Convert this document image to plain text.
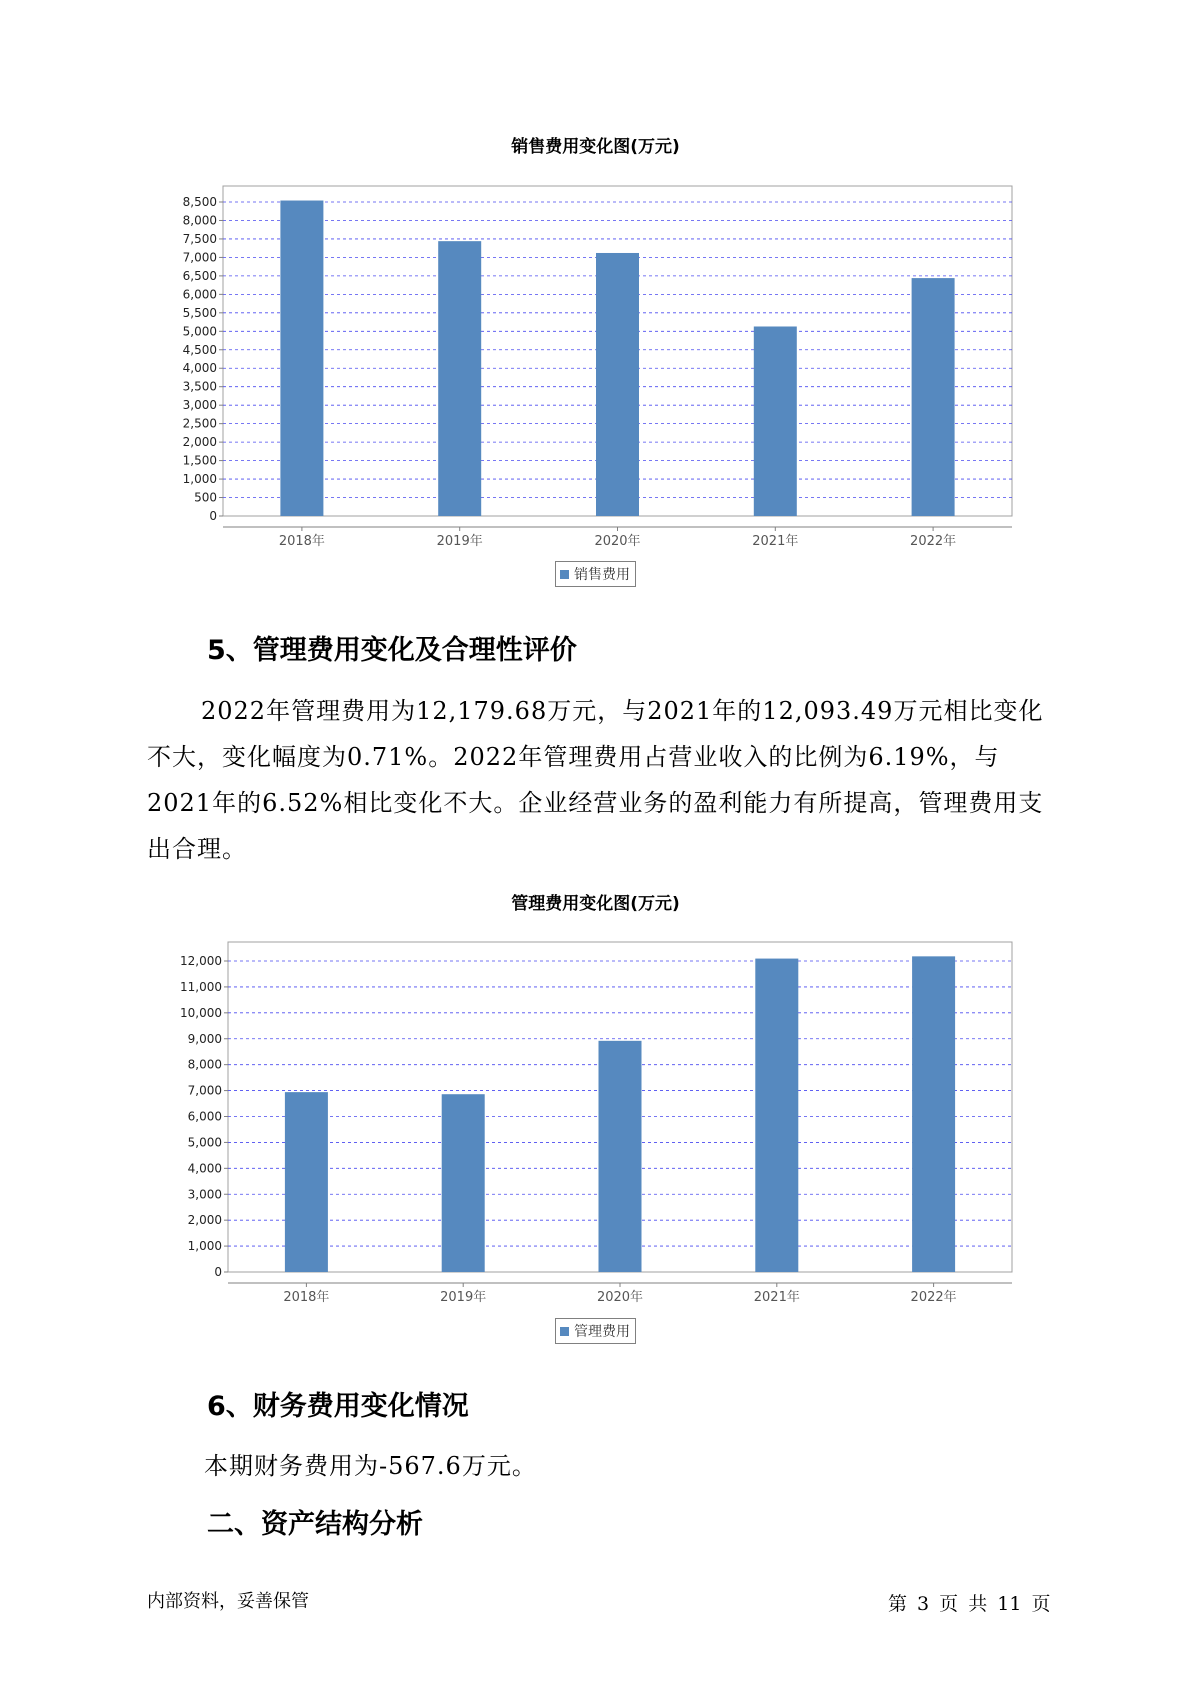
销售费用变化图(万元)
0
500
1,000
1,500
2,000
2,500
3,000
3,500
4,000
4,500
5,000
5,500
6,000
6,500
7,000
7,500
8,000
8,500
2018年	2019年	2020年	2021年	2022年
销售费用
5、管理费用变化及合理性评价

2022年管理费用为12,179.68万元，与2021年的12,093.49万元相比变化不大，变化幅度为0.71%。2022年管理费用占营业收入的比例为6.19%，与2021年的6.52%相比变化不大。企业经营业务的盈利能力有所提高，管理费用支出合理。

管理费用变化图(万元)
0
1,000
2,000
3,000
4,000
5,000
6,000
7,000
8,000
9,000
10,000
11,000
12,000
2018年	2019年	2020年	2021年	2022年
管理费用
6、财务费用变化情况

本期财务费用为-567.6万元。

二、资产结构分析
内部资料，妥善保管	第 3 页 共 11 页
